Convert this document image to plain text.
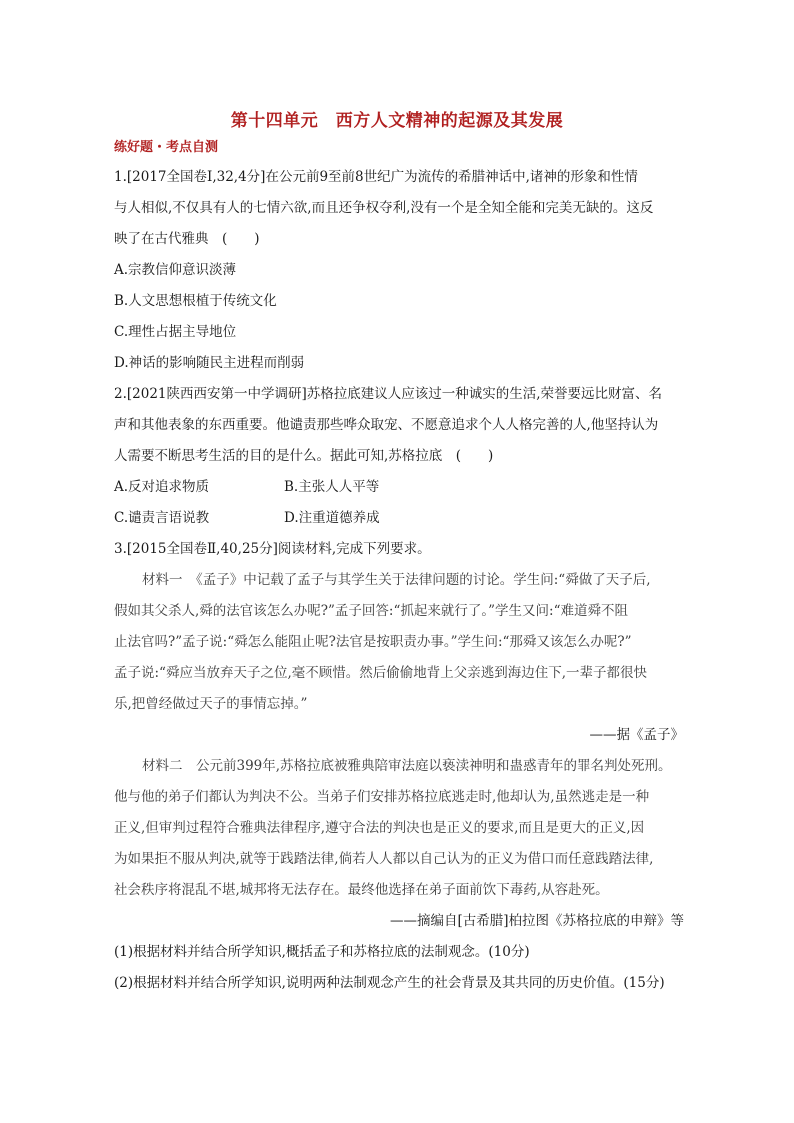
第十四单元　西方人文精神的起源及其发展
练好题・考点自测
1.[2017全国卷Ⅰ,32,4分]在公元前9至前8世纪广为流传的希腊神话中,诸神的形象和性情
与人相似,不仅具有人的七情六欲,而且还争权夺利,没有一个是全知全能和完美无缺的。这反
映了在古代雅典　(　　)
A.宗教信仰意识淡薄
B.人文思想根植于传统文化
C.理性占据主导地位
D.神话的影响随民主进程而削弱
2.[2021陕西西安第一中学调研]苏格拉底建议人应该过一种诚实的生活,荣誉要远比财富、名
声和其他表象的东西重要。他谴责那些哗众取宠、不愿意追求个人人格完善的人,他坚持认为
人需要不断思考生活的目的是什么。据此可知,苏格拉底　(　　)
A.反对追求物质	B.主张人人平等
C.谴责言语说教	D.注重道德养成
3.[2015全国卷Ⅱ,40,25分]阅读材料,完成下列要求。
材料一　《孟子》中记载了孟子与其学生关于法律问题的讨论。学生问:“舜做了天子后,
假如其父杀人,舜的法官该怎么办呢?”孟子回答:“抓起来就行了。”学生又问:“难道舜不阻
止法官吗?”孟子说:“舜怎么能阻止呢?法官是按职责办事。”学生问:“那舜又该怎么办呢?”
孟子说:“舜应当放弃天子之位,毫不顾惜。然后偷偷地背上父亲逃到海边住下,一辈子都很快
乐,把曾经做过天子的事情忘掉。”
——据《孟子》
材料二　公元前399年,苏格拉底被雅典陪审法庭以亵渎神明和蛊惑青年的罪名判处死刑。
他与他的弟子们都认为判决不公。当弟子们安排苏格拉底逃走时,他却认为,虽然逃走是一种
正义,但审判过程符合雅典法律程序,遵守合法的判决也是正义的要求,而且是更大的正义,因
为如果拒不服从判决,就等于践踏法律,倘若人人都以自己认为的正义为借口而任意践踏法律,
社会秩序将混乱不堪,城邦将无法存在。最终他选择在弟子面前饮下毒药,从容赴死。
——摘编自[古希腊]柏拉图《苏格拉底的申辩》等
(1)根据材料并结合所学知识,概括孟子和苏格拉底的法制观念。(10分)
(2)根据材料并结合所学知识,说明两种法制观念产生的社会背景及其共同的历史价值。(15分)
